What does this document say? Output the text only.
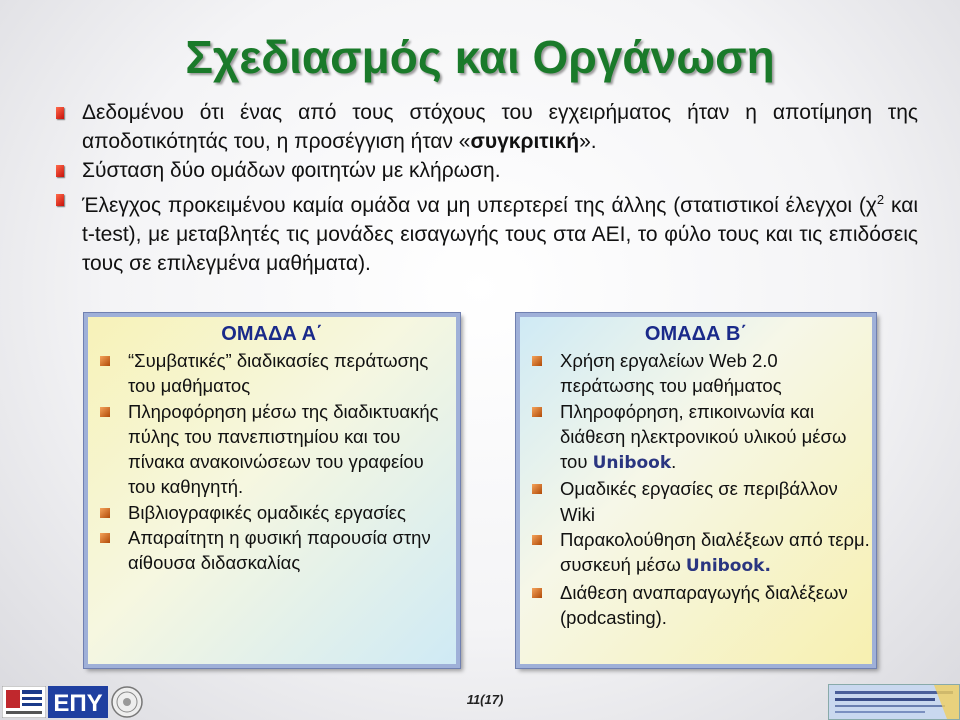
Σχεδιασμός και Οργάνωση
Δεδομένου ότι ένας από τους στόχους του εγχειρήματος ήταν η αποτίμηση της αποδοτικότητάς του, η προσέγγιση ήταν «συγκριτική».
Σύσταση δύο ομάδων φοιτητών με κλήρωση.
Έλεγχος προκειμένου καμία ομάδα να μη υπερτερεί της άλλης (στατιστικοί έλεγχοι ($\chi^2$ και t-test), με μεταβλητές τις μονάδες εισαγωγής τους στα ΑΕΙ, το φύλο τους και τις επιδόσεις τους σε επιλεγμένα μαθήματα).
ΟΜΑΔΑ Α΄
“Συμβατικές” διαδικασίες περάτωσης του μαθήματος
Πληροφόρηση μέσω της διαδικτυακής πύλης του πανεπιστημίου και του πίνακα ανακοινώσεων του γραφείου του καθηγητή.
Βιβλιογραφικές ομαδικές εργασίες
Απαραίτητη η φυσική παρουσία στην αίθουσα διδασκαλίας
ΟΜΑΔΑ Β΄
Χρήση εργαλείων Web 2.0 περάτωσης του μαθήματος
Πληροφόρηση, επικοινωνία και διάθεση ηλεκτρονικού υλικού μέσω του Unibook.
Ομαδικές εργασίες σε περιβάλλον Wiki
Παρακολούθηση διαλέξεων από τερμ. συσκευή μέσω Unibook.
Διάθεση αναπαραγωγής διαλέξεων (podcasting).
ΕΠΥ	11(17)
